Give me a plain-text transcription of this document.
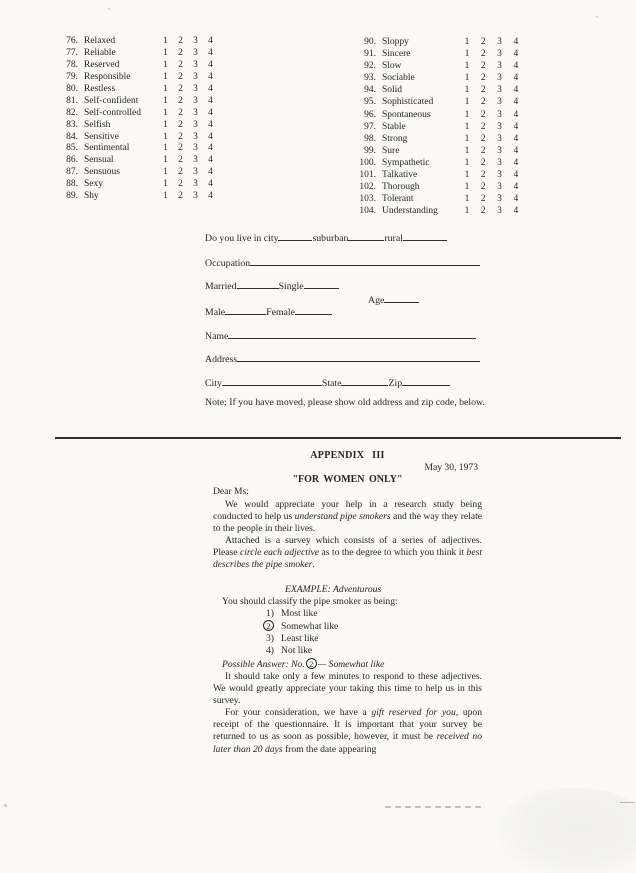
76. Relaxed	1	2	3	4
77. Reliable	1	2	3	4
78. Reserved	1	2	3	4
79. Responsible	1	2	3	4
80. Restless	1	2	3	4
81. Self-confident	1	2	3	4
82. Self-controlled	1	2	3	4
83. Selfish	1	2	3	4
84. Sensitive	1	2	3	4
85. Sentimental	1	2	3	4
86. Sensual	1	2	3	4
87. Sensuous	1	2	3	4
88. Sexy	1	2	3	4
89. Shy	1	2	3	4
90. Sloppy	1	2	3	4
91. Sincere	1	2	3	4
92. Slow	1	2	3	4
93. Sociable	1	2	3	4
94. Solid	1	2	3	4
95. Sophisticated	1	2	3	4
96. Spontaneous	1	2	3	4
97. Stable	1	2	3	4
98. Strong	1	2	3	4
99. Sure	1	2	3	4
100. Sympathetic	1	2	3	4
101. Talkative	1	2	3	4
102. Thorough	1	2	3	4
103. Tolerant	1	2	3	4
104. Understanding	1	2	3	4

Note: If you have moved, please show old address and zip code, below.

Do you live in city	suburban	rural
Occupation
Married	Single
Age
Male	Female
Name
Address
City	State	Zip
APPENDIX III
May 30, 1973
"FOR WOMEN ONLY"

Dear Ms:

We would appreciate your help in a research study being conducted to help us understand pipe smokers and the way they relate to the people in their lives.

Attached is a survey which consists of a series of adjectives. Please circle each adjective as to the degree to which you think it best describes the pipe smoker.

EXAMPLE: Adventurous

You should classify the pipe smoker as being:

1) Most like
2 Somewhat like
3) Least like
4) Not like
Possible Answer: No. 2 — Somewhat like

It should take only a few minutes to respond to these adjectives. We would greatly appreciate your taking this time to help us in this survey.

For your consideration, we have a gift reserved for you, upon receipt of the questionnaire. It is important that your survey be returned to us as soon as possible, however, it must be received no later than 20 days from the date appearing
